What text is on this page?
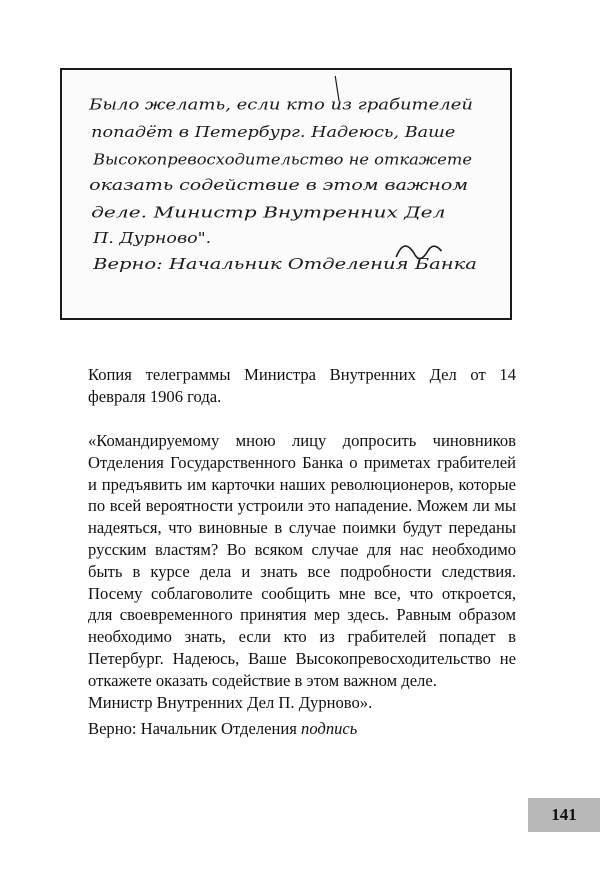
Было желать, если кто из грабителей
попадёт в Петербург. Надеюсь, Ваше
Высокопревосходительство не откажете
оказать содействие в этом важном
деле. Министр Внутренних Дел
П. Дурново".
Верно: Начальник Отделения Банка

Копия телеграммы Министра Внутренних Дел от 14 февраля 1906 года.

«Командируемому мною лицу допросить чиновников Отделения Государственного Банка о приметах грабителей и предъявить им карточки наших революционеров, которые по всей вероятности устроили это нападение. Можем ли мы надеяться, что виновные в случае поимки будут переданы русским властям? Во всяком случае для нас необходимо быть в курсе дела и знать все подробности следствия. Посему соблаговолите сообщить мне все, что откроется, для своевременного принятия мер здесь. Равным образом необходимо знать, если кто из грабителей попадет в Петербург. Надеюсь, Ваше Высокопревосходительство не откажете оказать содействие в этом важном деле.

Министр Внутренних Дел П. Дурново».

Верно: Начальник Отделения подпись

141
